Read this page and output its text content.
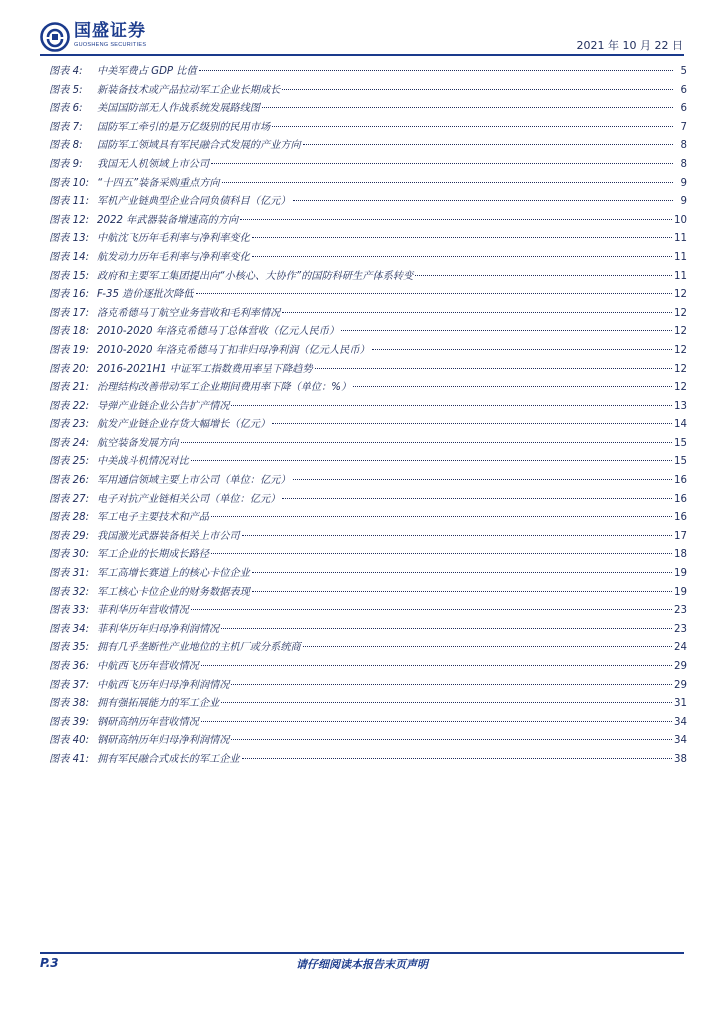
国盛证券
GUOSHENG SECURITIES	2021 年 10 月 22 日
图表 4:	中美军费占 GDP 比值	5
图表 5:	新装备技术或产品拉动军工企业长期成长	6
图表 6:	美国国防部无人作战系统发展路线图	6
图表 7:	国防军工牵引的是万亿级别的民用市场	7
图表 8:	国防军工领域具有军民融合式发展的产业方向	8
图表 9:	我国无人机领域上市公司	8
图表 10: “十四五”装备采购重点方向	9
图表 11: 军机产业链典型企业合同负债科目（亿元）	9
图表 12: 2022 年武器装备增速高的方向	10
图表 13: 中航沈飞历年毛利率与净利率变化	11
图表 14: 航发动力历年毛利率与净利率变化	11
图表 15: 政府和主要军工集团提出向“小核心、大协作”的国防科研生产体系转变	11
图表 16: F-35 造价逐批次降低	12
图表 17: 洛克希德马丁航空业务营收和毛利率情况	12
图表 18: 2010-2020 年洛克希德马丁总体营收（亿元人民币）	12
图表 19: 2010-2020 年洛克希德马丁扣非归母净利润（亿元人民币）	12
图表 20: 2016-2021H1 中证军工指数费用率呈下降趋势	12
图表 21: 治理结构改善带动军工企业期间费用率下降（单位：%）	12
图表 22: 导弹产业链企业公告扩产情况	13
图表 23: 航发产业链企业存货大幅增长（亿元）	14
图表 24: 航空装备发展方向	15
图表 25: 中美战斗机情况对比	15
图表 26: 军用通信领域主要上市公司（单位：亿元）	16
图表 27: 电子对抗产业链相关公司（单位：亿元）	16
图表 28: 军工电子主要技术和产品	16
图表 29: 我国激光武器装备相关上市公司	17
图表 30: 军工企业的长期成长路径	18
图表 31: 军工高增长赛道上的核心卡位企业	19
图表 32: 军工核心卡位企业的财务数据表现	19
图表 33: 菲利华历年营收情况	23
图表 34: 菲利华历年归母净利润情况	23
图表 35: 拥有几乎垄断性产业地位的主机厂或分系统商	24
图表 36: 中航西飞历年营收情况	29
图表 37: 中航西飞历年归母净利润情况	29
图表 38: 拥有强拓展能力的军工企业	31
图表 39: 钢研高纳历年营收情况	34
图表 40: 钢研高纳历年归母净利润情况	34
图表 41: 拥有军民融合式成长的军工企业	38
P.3	请仔细阅读本报告末页声明
